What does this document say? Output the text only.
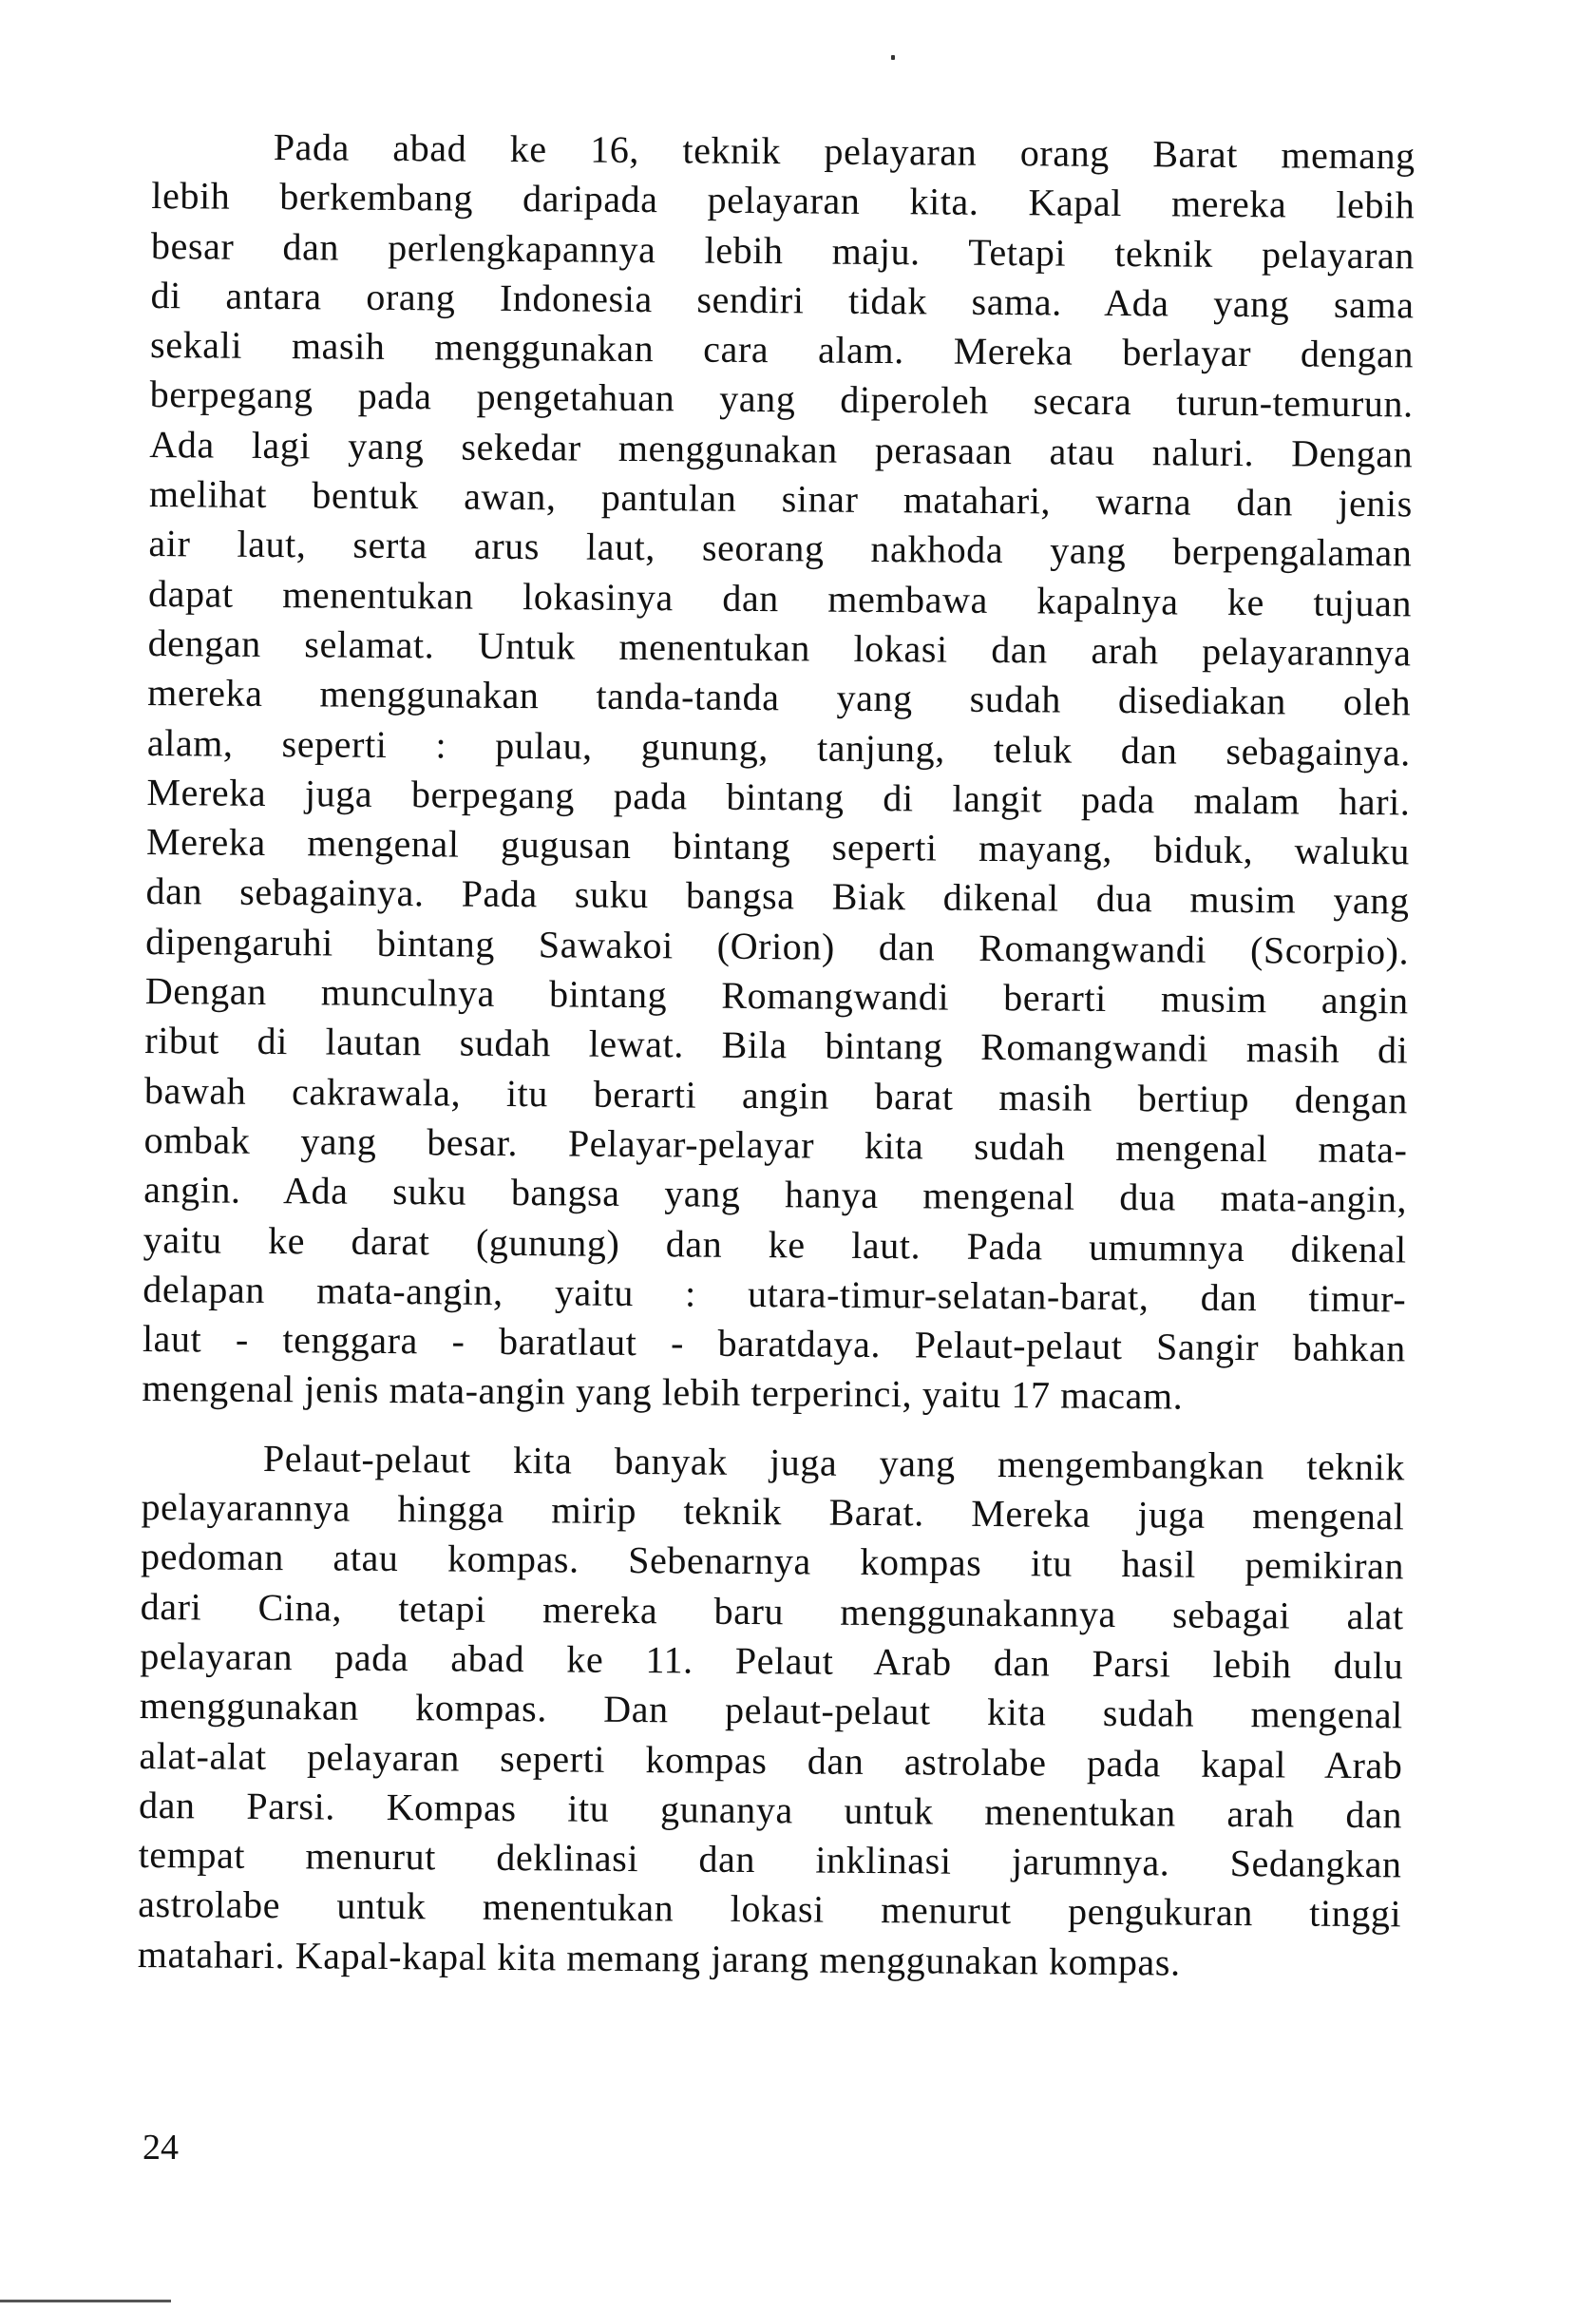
Pada abad ke 16, teknik pelayaran orang Barat memang
lebih berkembang daripada pelayaran kita. Kapal mereka lebih
besar dan perlengkapannya lebih maju. Tetapi teknik pelayaran
di antara orang Indonesia sendiri tidak sama. Ada yang sama
sekali masih menggunakan cara alam. Mereka berlayar dengan
berpegang pada pengetahuan yang diperoleh secara turun-temurun.
Ada lagi yang sekedar menggunakan perasaan atau naluri. Dengan
melihat bentuk awan, pantulan sinar matahari, warna dan jenis
air laut, serta arus laut, seorang nakhoda yang berpengalaman
dapat menentukan lokasinya dan membawa kapalnya ke tujuan
dengan selamat. Untuk menentukan lokasi dan arah pelayarannya
mereka menggunakan tanda-tanda yang sudah disediakan oleh
alam, seperti : pulau, gunung, tanjung, teluk dan sebagainya.
Mereka juga berpegang pada bintang di langit pada malam hari.
Mereka mengenal gugusan bintang seperti mayang, biduk, waluku
dan sebagainya. Pada suku bangsa Biak dikenal dua musim yang
dipengaruhi bintang Sawakoi (Orion) dan Romangwandi (Scorpio).
Dengan munculnya bintang Romangwandi berarti musim angin
ribut di lautan sudah lewat. Bila bintang Romangwandi masih di
bawah cakrawala, itu berarti angin barat masih bertiup dengan
ombak yang besar. Pelayar-pelayar kita sudah mengenal mata-
angin. Ada suku bangsa yang hanya mengenal dua mata-angin,
yaitu ke darat (gunung) dan ke laut. Pada umumnya dikenal
delapan mata-angin, yaitu : utara-timur-selatan-barat, dan timur-
laut - tenggara - baratlaut - baratdaya. Pelaut-pelaut Sangir bahkan
mengenal jenis mata-angin yang lebih terperinci, yaitu 17 macam.
Pelaut-pelaut kita banyak juga yang mengembangkan teknik
pelayarannya hingga mirip teknik Barat. Mereka juga mengenal
pedoman atau kompas. Sebenarnya kompas itu hasil pemikiran
dari Cina, tetapi mereka baru menggunakannya sebagai alat
pelayaran pada abad ke 11. Pelaut Arab dan Parsi lebih dulu
menggunakan kompas. Dan pelaut-pelaut kita sudah mengenal
alat-alat pelayaran seperti kompas dan astrolabe pada kapal Arab
dan Parsi. Kompas itu gunanya untuk menentukan arah dan
tempat menurut deklinasi dan inklinasi jarumnya. Sedangkan
astrolabe untuk menentukan lokasi menurut pengukuran tinggi
matahari. Kapal-kapal kita memang jarang menggunakan kompas.
24
